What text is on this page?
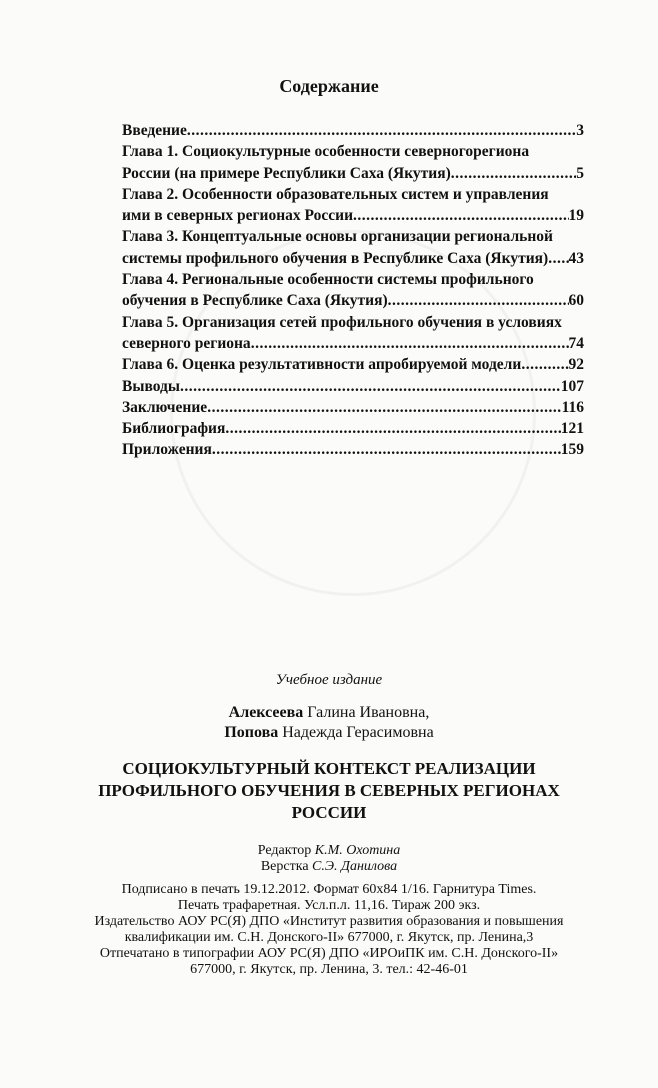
Содержание
Введение .....	3
Глава 1. Социокультурные особенности северногорегиона
России (на примере Республики Саха (Якутия) .....	5
Глава 2. Особенности образовательных систем и управления
ими в северных регионах России .....	19
Глава 3. Концептуальные основы организации региональной
системы профильного обучения в Республике Саха (Якутия) ..... 43
Глава 4. Региональные особенности системы профильного
обучения в Республике Саха (Якутия) .....	60
Глава 5. Организация сетей профильного обучения в условиях
северного региона .....	74
Глава 6. Оценка результативности апробируемой модели .....	92
Выводы .....	107
Заключение .....	116
Библиография .....	121
Приложения .....	159
Учебное издание
Алексеева Галина Ивановна,
Попова Надежда Герасимовна
СОЦИОКУЛЬТУРНЫЙ КОНТЕКСТ РЕАЛИЗАЦИИ
ПРОФИЛЬНОГО ОБУЧЕНИЯ В СЕВЕРНЫХ РЕГИОНАХ
РОССИИ
Редактор К.М. Охотина
Верстка С.Э. Данилова
Подписано в печать 19.12.2012. Формат 60x84 1/16. Гарнитура Times.
Печать трафаретная. Усл.п.л. 11,16. Тираж 200 экз.
Издательство АОУ РС(Я) ДПО «Институт развития образования и повышения
квалификации им. С.Н. Донского-II» 677000, г. Якутск, пр. Ленина,3
Отпечатано в типографии АОУ РС(Я) ДПО «ИРОиПК им. С.Н. Донского-II»
677000, г. Якутск, пр. Ленина, 3. тел.: 42-46-01
